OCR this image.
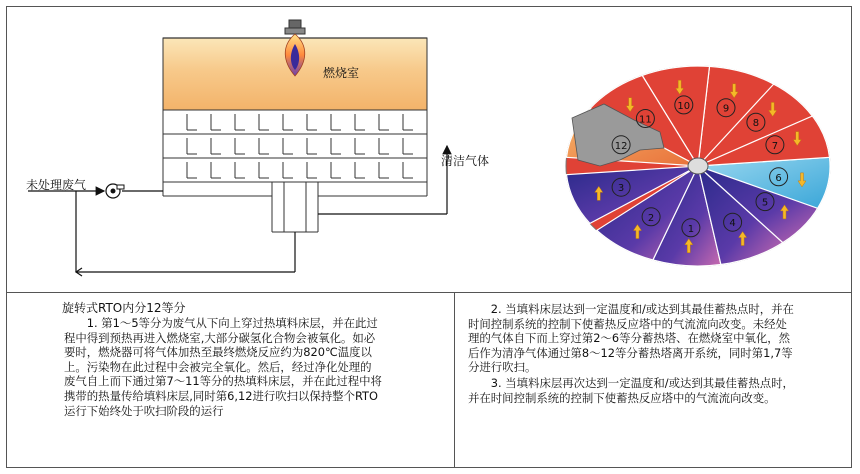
1
2
3
4
5
6
7
8
9
10
11
12
燃烧室
未处理废气
清洁气体
旋转式RTO内分12等分

1. 第1～5等分为废气从下向上穿过热填料床层，并在此过程中得到预热再进入燃烧室,大部分碳氢化合物会被氧化。如必要时，燃烧器可将气体加热至最终燃烧反应约为820℃温度以上。污染物在此过程中会被完全氧化。然后，经过净化处理的废气自上而下通过第7～11等分的热填料床层，并在此过程中将携带的热量传给填料床层,同时第6,12进行吹扫以保持整个RTO运行下始终处于吹扫阶段的运行

2. 当填料床层达到一定温度和/或达到其最佳蓄热点时，并在时间控制系统的控制下使蓄热反应塔中的气流流向改变。未经处理的气体自下而上穿过第2～6等分蓄热塔、在燃烧室中氧化，然后作为清净气体通过第8～12等分蓄热塔离开系统，同时第1,7等分进行吹扫。

3. 当填料床层再次达到一定温度和/或达到其最佳蓄热点时，并在时间控制系统的控制下使蓄热反应塔中的气流流向改变。
